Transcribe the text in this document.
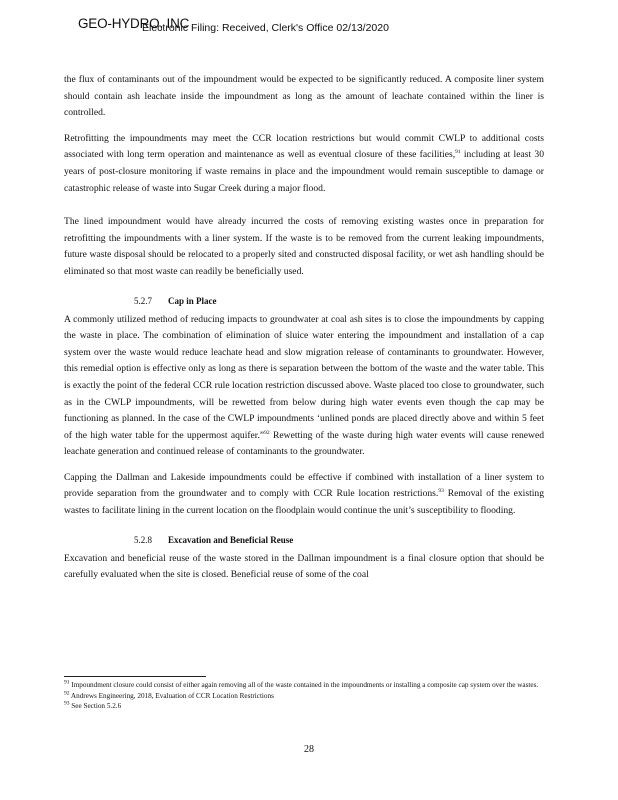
GEO-HYDRO, INC
Electronic Filing: Received, Clerk's Office 02/13/2020

the flux of contaminants out of the impoundment would be expected to be significantly reduced. A composite liner system should contain ash leachate inside the impoundment as long as the amount of leachate contained within the liner is controlled.

Retrofitting the impoundments may meet the CCR location restrictions but would commit CWLP to additional costs associated with long term operation and maintenance as well as eventual closure of these facilities,$^{91}$ including at least 30 years of post-closure monitoring if waste remains in place and the impoundment would remain susceptible to damage or catastrophic release of waste into Sugar Creek during a major flood.

The lined impoundment would have already incurred the costs of removing existing wastes once in preparation for retrofitting the impoundments with a liner system. If the waste is to be removed from the current leaking impoundments, future waste disposal should be relocated to a properly sited and constructed disposal facility, or wet ash handling should be eliminated so that most waste can readily be beneficially used.

5.2.7 Cap in Place

A commonly utilized method of reducing impacts to groundwater at coal ash sites is to close the impoundments by capping the waste in place. The combination of elimination of sluice water entering the impoundment and installation of a cap system over the waste would reduce leachate head and slow migration release of contaminants to groundwater. However, this remedial option is effective only as long as there is separation between the bottom of the waste and the water table. This is exactly the point of the federal CCR rule location restriction discussed above. Waste placed too close to groundwater, such as in the CWLP impoundments, will be rewetted from below during high water events even though the cap may be functioning as planned. In the case of the CWLP impoundments ‘unlined ponds are placed directly above and within 5 feet of the high water table for the uppermost aquifer.”$^{92}$ Rewetting of the waste during high water events will cause renewed leachate generation and continued release of contaminants to the groundwater.

Capping the Dallman and Lakeside impoundments could be effective if combined with installation of a liner system to provide separation from the groundwater and to comply with CCR Rule location restrictions.$^{93}$ Removal of the existing wastes to facilitate lining in the current location on the floodplain would continue the unit’s susceptibility to flooding.

5.2.8 Excavation and Beneficial Reuse

Excavation and beneficial reuse of the waste stored in the Dallman impoundment is a final closure option that should be carefully evaluated when the site is closed. Beneficial reuse of some of the coal

$^{91}$ Impoundment closure could consist of either again removing all of the waste contained in the impoundments or installing a composite cap system over the wastes.

$^{92}$ Andrews Engineering, 2018, Evaluation of CCR Location Restrictions

$^{93}$ See Section 5.2.6

28
